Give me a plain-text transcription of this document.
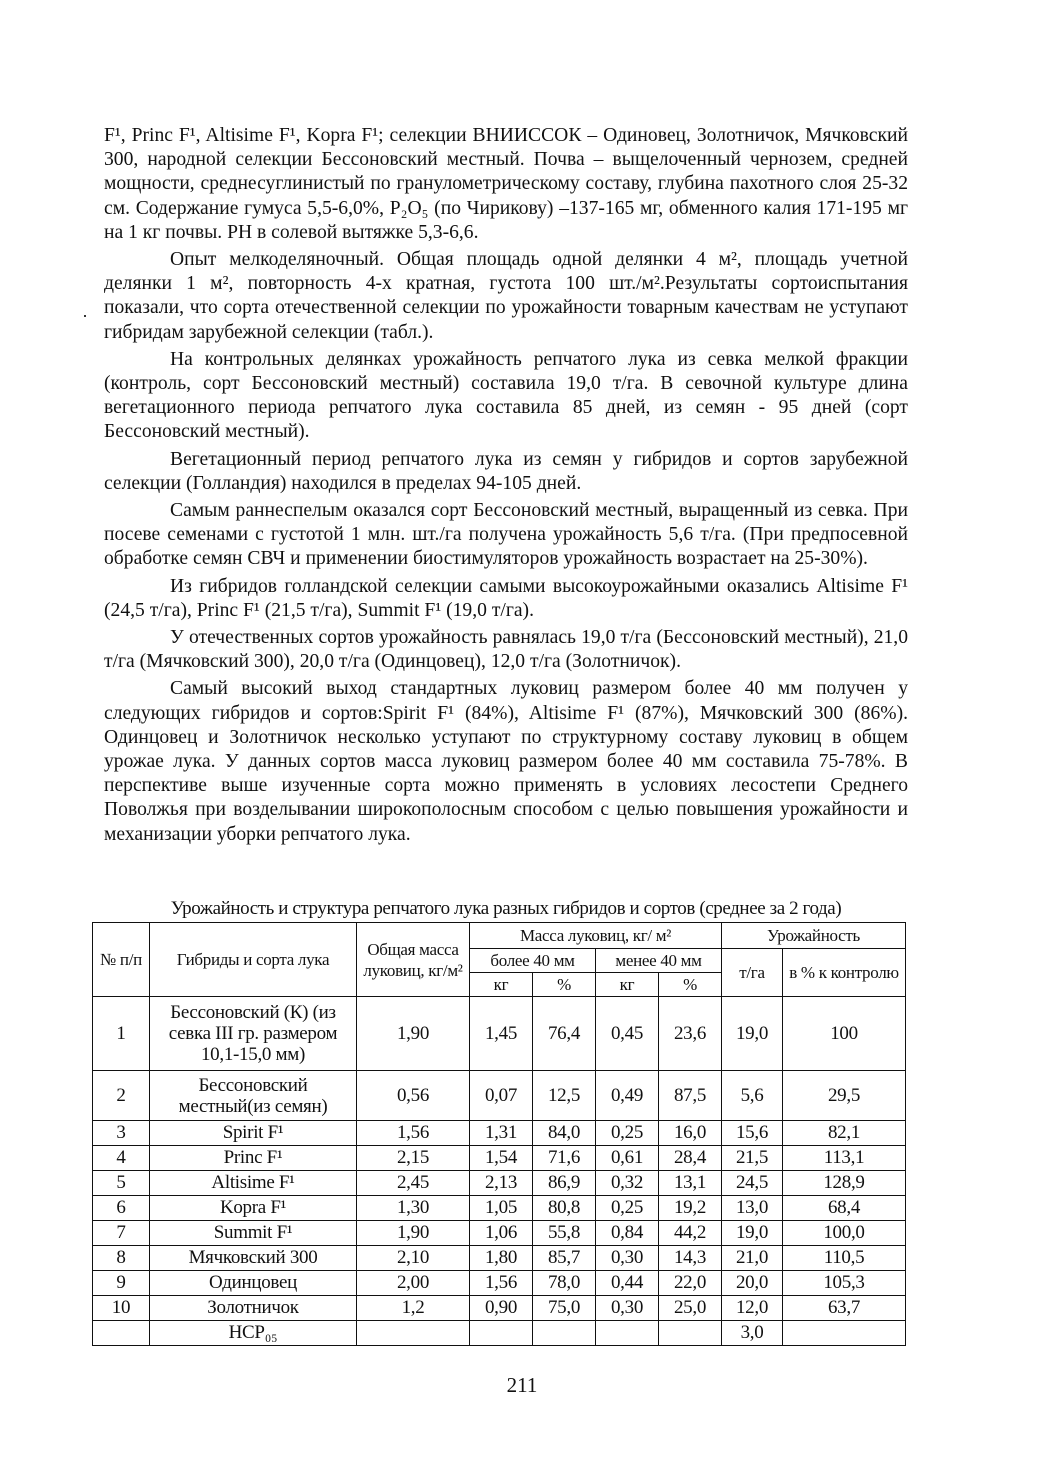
F¹, Princ F¹, Altisime F¹, Kopra F¹; селекции ВНИИССОК – Одиновец, Золотничок, Мячковский 300, народной селекции Бессоновский местный. Почва – выщелоченный чернозем, средней мощности, среднесуглинистый по гранулометрическому составу, глубина пахотного слоя 25-32 см. Содержание гумуса 5,5-6,0%, P₂O₅ (по Чирикову) –137-165 мг, обменного калия 171-195 мг на 1 кг почвы. PH в солевой вытяжке 5,3-6,6.

Опыт мелкоделяночный. Общая площадь одной делянки 4 м², площадь учетной делянки 1 м², повторность 4-х кратная, густота 100 шт./м².Результаты сортоиспытания показали, что сорта отечественной селекции по урожайности товарным качествам не уступают гибридам зарубежной селекции (табл.).

На контрольных делянках урожайность репчатого лука из севка мелкой фракции (контроль, сорт Бессоновский местный) составила 19,0 т/га. В севочной культуре длина вегетационного периода репчатого лука составила 85 дней, из семян - 95 дней (сорт Бессоновский местный).

Вегетационный период репчатого лука из семян у гибридов и сортов зарубежной селекции (Голландия) находился в пределах 94-105 дней.

Самым раннеспелым оказался сорт Бессоновский местный, выращенный из севка. При посеве семенами с густотой 1 млн. шт./га получена урожайность 5,6 т/га. (При предпосевной обработке семян СВЧ и применении биостимуляторов урожайность возрастает на 25-30%).

Из гибридов голландской селекции самыми высокоурожайными оказались Altisime F¹ (24,5 т/га), Princ F¹ (21,5 т/га), Summit F¹ (19,0 т/га).

У отечественных сортов урожайность равнялась 19,0 т/га (Бессоновский местный), 21,0 т/га (Мячковский 300), 20,0 т/га (Одинцовец), 12,0 т/га (Золотничок).

Самый высокий выход стандартных луковиц размером более 40 мм получен у следующих гибридов и сортов:Spirit F¹ (84%), Altisime F¹ (87%), Мячковский 300 (86%). Одинцовец и Золотничок несколько уступают по структурному составу луковиц в общем урожае лука. У данных сортов масса луковиц размером более 40 мм составила 75-78%. В перспективе выше изученные сорта можно применять в условиях лесостепи Среднего Поволжья при возделывании широкополосным способом с целью повышения урожайности и механизации уборки репчатого лука.

Урожайность и структура репчатого лука разных гибридов и сортов (среднее за 2 года)
№ п/п	Гибриды и сорта лука	Общая масса луковиц, кг/м²	Масса луковиц, кг/ м²				Урожайность	
			более 40 мм		менее 40 мм		т/га	в % к контролю
			кг	%	кг	%		
1	Бессоновский (К) (из севка III гр. размером 10,1-15,0 мм)	1,90	1,45	76,4	0,45	23,6	19,0	100
2	Бессоновский местный(из семян)	0,56	0,07	12,5	0,49	87,5	5,6	29,5
3	Spirit F¹	1,56	1,31	84,0	0,25	16,0	15,6	82,1
4	Princ F¹	2,15	1,54	71,6	0,61	28,4	21,5	113,1
5	Altisime F¹	2,45	2,13	86,9	0,32	13,1	24,5	128,9
6	Kopra F¹	1,30	1,05	80,8	0,25	19,2	13,0	68,4
7	Summit F¹	1,90	1,06	55,8	0,84	44,2	19,0	100,0
8	Мячковский 300	2,10	1,80	85,7	0,30	14,3	21,0	110,5
9	Одинцовец	2,00	1,56	78,0	0,44	22,0	20,0	105,3
10	Золотничок	1,2	0,90	75,0	0,30	25,0	12,0	63,7
	НСР₀₅						3,0	
211
